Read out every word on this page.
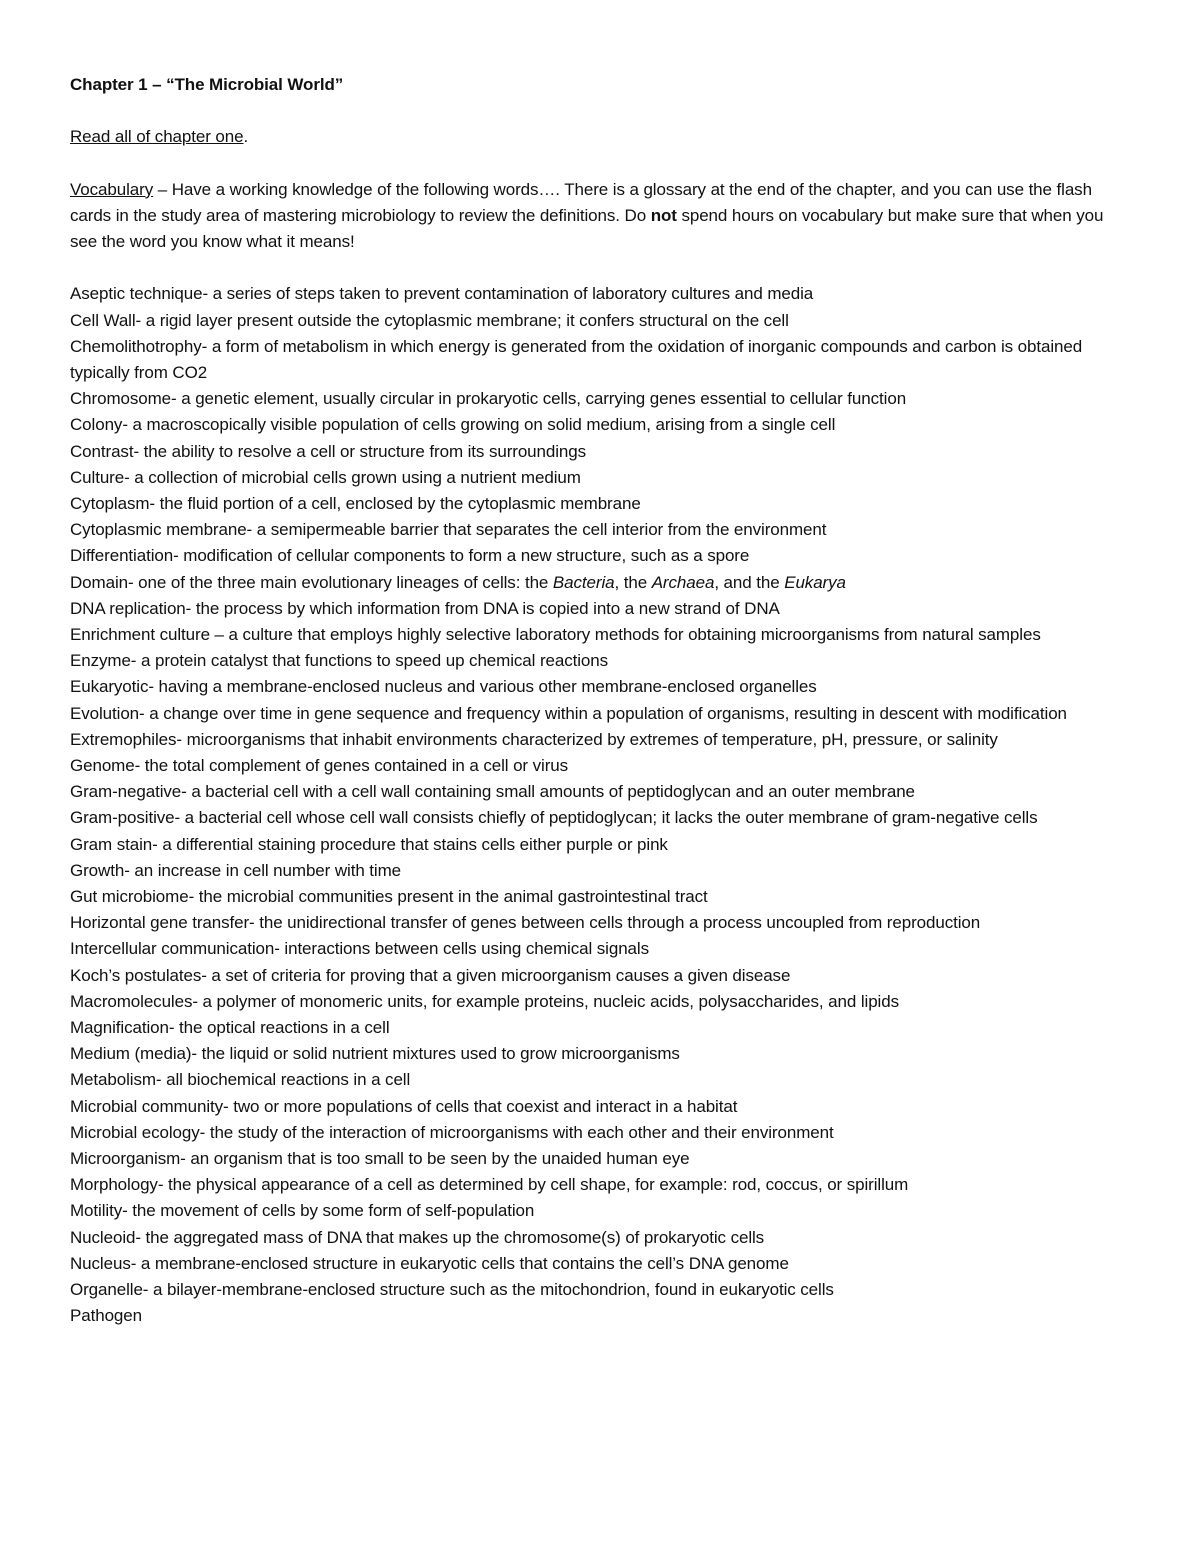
Chapter 1 – “The Microbial World”

Read all of chapter one.

Vocabulary – Have a working knowledge of the following words…. There is a glossary at the end of the chapter, and you can use the flash cards in the study area of mastering microbiology to review the definitions. Do not spend hours on vocabulary but make sure that when you see the word you know what it means!

Aseptic technique- a series of steps taken to prevent contamination of laboratory cultures and media
Cell Wall- a rigid layer present outside the cytoplasmic membrane; it confers structural on the cell
Chemolithotrophy- a form of metabolism in which energy is generated from the oxidation of inorganic compounds and carbon is obtained typically from CO2
Chromosome- a genetic element, usually circular in prokaryotic cells, carrying genes essential to cellular function
Colony- a macroscopically visible population of cells growing on solid medium, arising from a single cell
Contrast- the ability to resolve a cell or structure from its surroundings
Culture- a collection of microbial cells grown using a nutrient medium
Cytoplasm- the fluid portion of a cell, enclosed by the cytoplasmic membrane
Cytoplasmic membrane- a semipermeable barrier that separates the cell interior from the environment
Differentiation- modification of cellular components to form a new structure, such as a spore
Domain- one of the three main evolutionary lineages of cells: the Bacteria, the Archaea, and the Eukarya
DNA replication- the process by which information from DNA is copied into a new strand of DNA
Enrichment culture – a culture that employs highly selective laboratory methods for obtaining microorganisms from natural samples
Enzyme- a protein catalyst that functions to speed up chemical reactions
Eukaryotic- having a membrane-enclosed nucleus and various other membrane-enclosed organelles
Evolution- a change over time in gene sequence and frequency within a population of organisms, resulting in descent with modification
Extremophiles- microorganisms that inhabit environments characterized by extremes of temperature, pH, pressure, or salinity
Genome- the total complement of genes contained in a cell or virus
Gram-negative- a bacterial cell with a cell wall containing small amounts of peptidoglycan and an outer membrane
Gram-positive- a bacterial cell whose cell wall consists chiefly of peptidoglycan; it lacks the outer membrane of gram-negative cells
Gram stain- a differential staining procedure that stains cells either purple or pink
Growth- an increase in cell number with time
Gut microbiome- the microbial communities present in the animal gastrointestinal tract
Horizontal gene transfer- the unidirectional transfer of genes between cells through a process uncoupled from reproduction
Intercellular communication- interactions between cells using chemical signals
Koch’s postulates- a set of criteria for proving that a given microorganism causes a given disease
Macromolecules- a polymer of monomeric units, for example proteins, nucleic acids, polysaccharides, and lipids
Magnification- the optical reactions in a cell
Medium (media)- the liquid or solid nutrient mixtures used to grow microorganisms
Metabolism- all biochemical reactions in a cell
Microbial community- two or more populations of cells that coexist and interact in a habitat
Microbial ecology- the study of the interaction of microorganisms with each other and their environment
Microorganism- an organism that is too small to be seen by the unaided human eye
Morphology- the physical appearance of a cell as determined by cell shape, for example: rod, coccus, or spirillum
Motility- the movement of cells by some form of self-population
Nucleoid- the aggregated mass of DNA that makes up the chromosome(s) of prokaryotic cells
Nucleus- a membrane-enclosed structure in eukaryotic cells that contains the cell’s DNA genome
Organelle- a bilayer-membrane-enclosed structure such as the mitochondrion, found in eukaryotic cells
Pathogen
